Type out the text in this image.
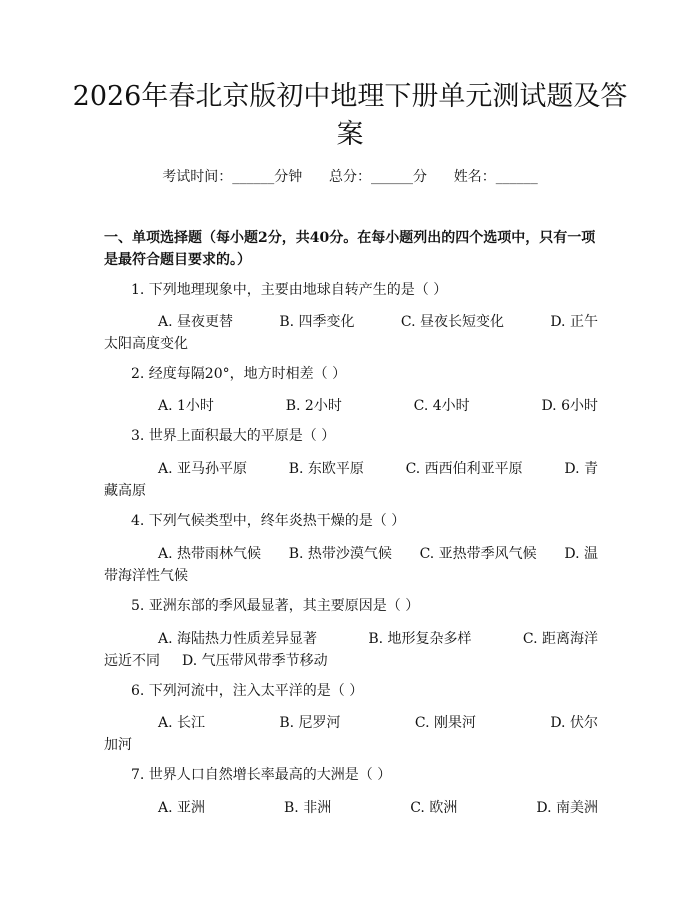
2026年春北京版初中地理下册单元测试题及答案
考试时间：______分钟 总分：______分 姓名：______
一、单项选择题（每小题2分，共40分。在每小题列出的四个选项中，只有一项是最符合题目要求的。）
1. 下列地理现象中，主要由地球自转产生的是（ ）
A. 昼夜更替	B. 四季变化	C. 昼夜长短变化	D. 正午
太阳高度变化
2. 经度每隔20°，地方时相差（ ）
A. 1小时	B. 2小时	C. 4小时	D. 6小时
3. 世界上面积最大的平原是（ ）
A. 亚马孙平原	B. 东欧平原	C. 西西伯利亚平原	D. 青
藏高原
4. 下列气候类型中，终年炎热干燥的是（ ）
A. 热带雨林气候 B. 热带沙漠气候 C. 亚热带季风气候 D. 温
带海洋性气候
5. 亚洲东部的季风最显著，其主要原因是（ ）
A. 海陆热力性质差异显著	B. 地形复杂多样	C. 距离海洋
远近不同 D. 气压带风带季节移动
6. 下列河流中，注入太平洋的是（ ）
A. 长江	B. 尼罗河	C. 刚果河	D. 伏尔
加河
7. 世界人口自然增长率最高的大洲是（ ）
A. 亚洲	B. 非洲	C. 欧洲	D. 南美洲
